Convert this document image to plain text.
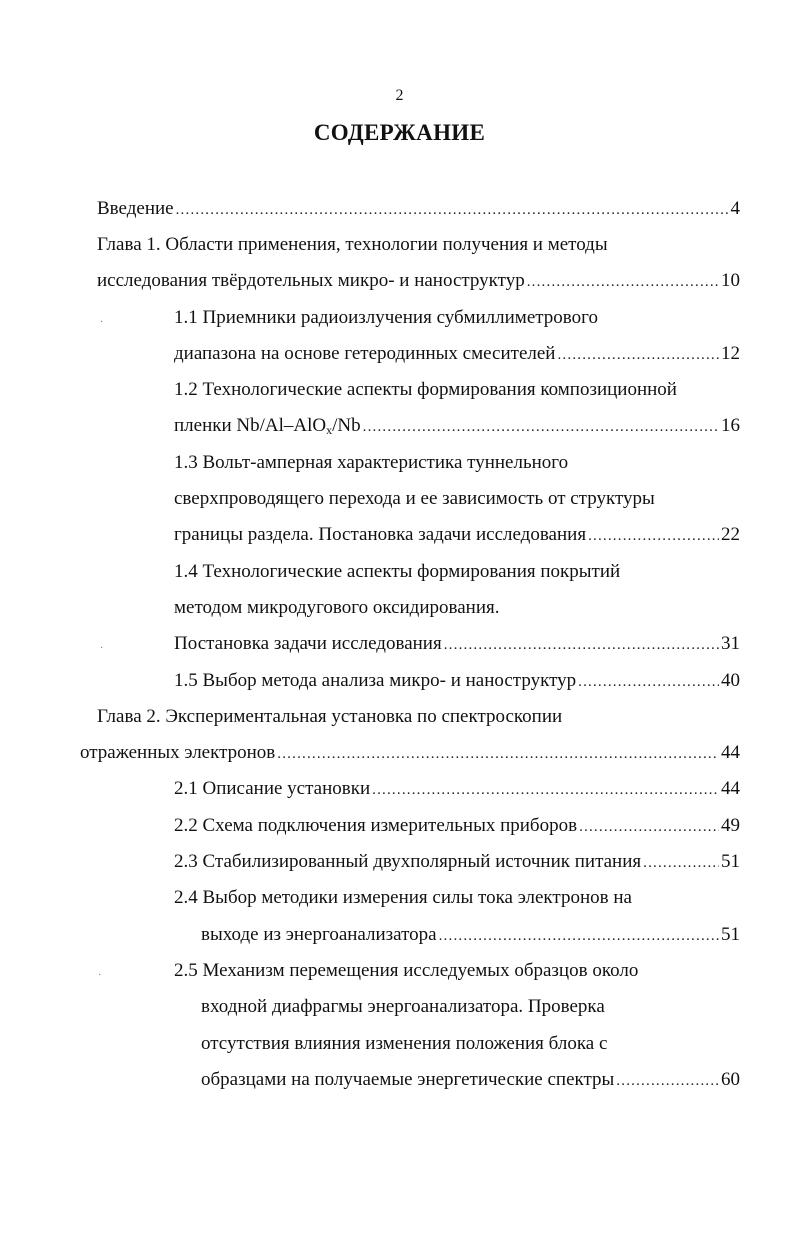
2
СОДЕРЖАНИЕ
Введение .....	4
Глава 1. Области применения, технологии получения и методы
исследования твёрдотельных микро- и наноструктур .....	10
1.1 Приемники радиоизлучения субмиллиметрового
диапазона на основе гетеродинных смесителей .....	12
1.2 Технологические аспекты формирования композиционной
пленки Nb/Al–AlO$_x$/Nb .....	16
1.3 Вольт-амперная характеристика туннельного
сверхпроводящего перехода и ее зависимость от структуры
границы раздела. Постановка задачи исследования .....	22
1.4 Технологические аспекты формирования покрытий
методом микродугового оксидирования.
Постановка задачи исследования .....	31
1.5 Выбор метода анализа микро- и наноструктур .....	40
Глава 2. Экспериментальная установка по спектроскопии
отраженных электронов .....	44
2.1 Описание установки .....	44
2.2 Схема подключения измерительных приборов .....	49
2.3 Стабилизированный двухполярный источник питания .....	51
2.4 Выбор методики измерения силы тока электронов на
выходе из энергоанализатора .....	51
2.5 Механизм перемещения исследуемых образцов около
входной диафрагмы энергоанализатора. Проверка
отсутствия влияния изменения положения блока с
образцами на получаемые энергетические спектры .....	60
·
·
·
